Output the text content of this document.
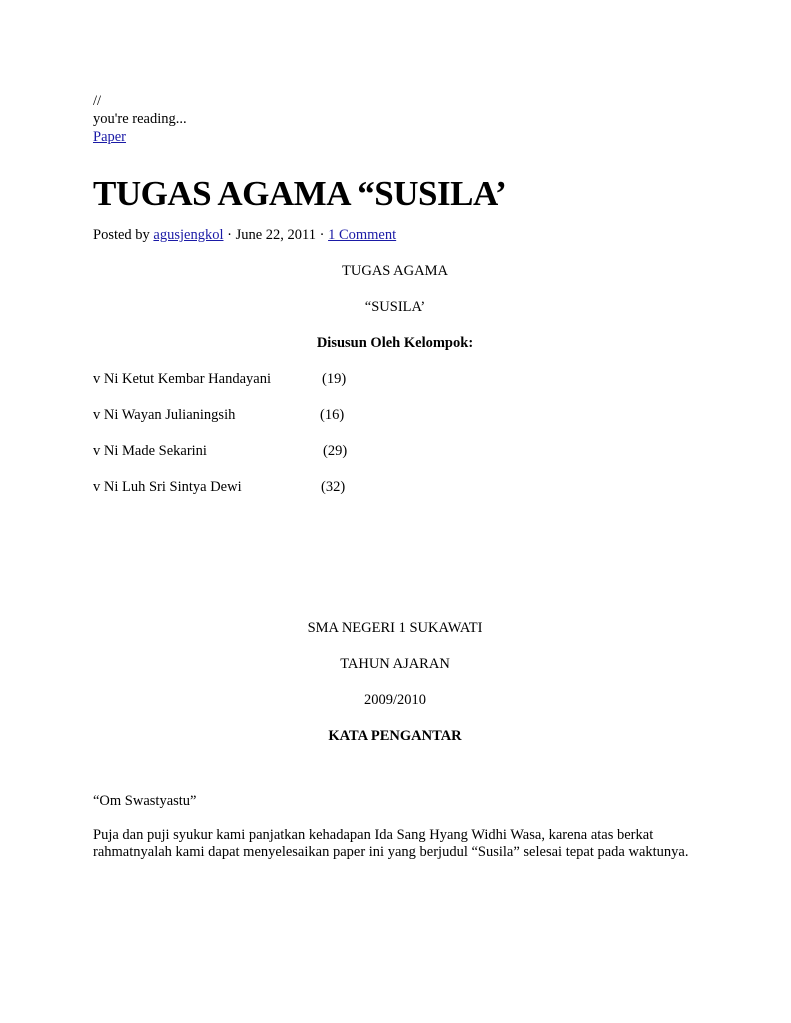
//
you're reading...
Paper
TUGAS AGAMA “SUSILA’
Posted by agusjengkol · June 22, 2011 · 1 Comment
TUGAS AGAMA
“SUSILA’
Disusun Oleh Kelompok:
v Ni Ketut Kembar Handayani	(19)
v Ni Wayan Julianingsih	(16)
v Ni Made Sekarini	(29)
v Ni Luh Sri Sintya Dewi	(32)
SMA NEGERI 1 SUKAWATI
TAHUN AJARAN
2009/2010
KATA PENGANTAR
“Om Swastyastu”
Puja dan puji syukur kami panjatkan kehadapan Ida Sang Hyang Widhi Wasa, karena atas berkat rahmatnyalah kami dapat menyelesaikan paper ini yang berjudul “Susila” selesai tepat pada waktunya.
